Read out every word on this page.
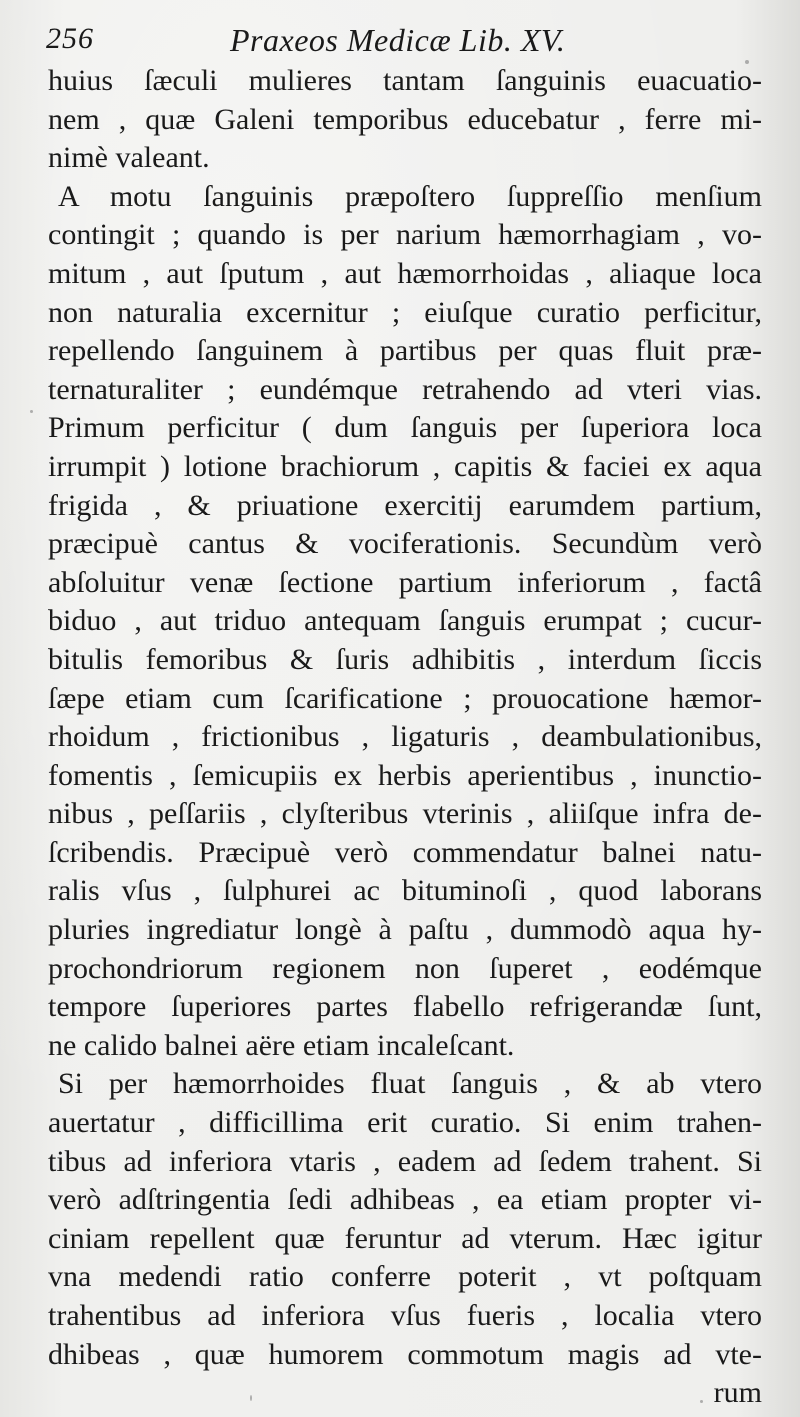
256	Praxeos Medicæ Lib. XV.
huius ſæculi mulieres tantam ſanguinis euacuatio-
nem , quæ Galeni temporibus educebatur , ferre mi-
nimè valeant.
A motu ſanguinis præpoſtero ſuppreſſio menſium
contingit ; quando is per narium hæmorrhagiam , vo-
mitum , aut ſputum , aut hæmorrhoidas , aliaque loca
non naturalia excernitur ; eiuſque curatio perficitur,
repellendo ſanguinem à partibus per quas fluit præ-
ternaturaliter ; eundémque retrahendo ad vteri vias.
Primum perficitur ( dum ſanguis per ſuperiora loca
irrumpit ) lotione brachiorum , capitis & faciei ex aqua
frigida , & priuatione exercitij earumdem partium,
præcipuè cantus & vociferationis. Secundùm verò
abſoluitur venæ ſectione partium inferiorum , factâ
biduo , aut triduo antequam ſanguis erumpat ; cucur-
bitulis femoribus & ſuris adhibitis , interdum ſiccis
ſæpe etiam cum ſcarificatione ; prouocatione hæmor-
rhoidum , frictionibus , ligaturis , deambulationibus,
fomentis , ſemicupiis ex herbis aperientibus , inunctio-
nibus , peſſariis , clyſteribus vterinis , aliiſque infra de-
ſcribendis. Præcipuè verò commendatur balnei natu-
ralis vſus , ſulphurei ac bituminoſi , quod laborans
pluries ingrediatur longè à paſtu , dummodò aqua hy-
prochondriorum regionem non ſuperet , eodémque
tempore ſuperiores partes flabello refrigerandæ ſunt,
ne calido balnei aëre etiam incaleſcant.
Si per hæmorrhoides fluat ſanguis , & ab vtero
auertatur , difficillima erit curatio. Si enim trahen-
tibus ad inferiora vtaris , eadem ad ſedem trahent. Si
verò adſtringentia ſedi adhibeas , ea etiam propter vi-
ciniam repellent quæ feruntur ad vterum. Hæc igitur
vna medendi ratio conferre poterit , vt poſtquam
trahentibus ad inferiora vſus fueris , localia vtero
dhibeas , quæ humorem commotum magis ad vte-
rum
